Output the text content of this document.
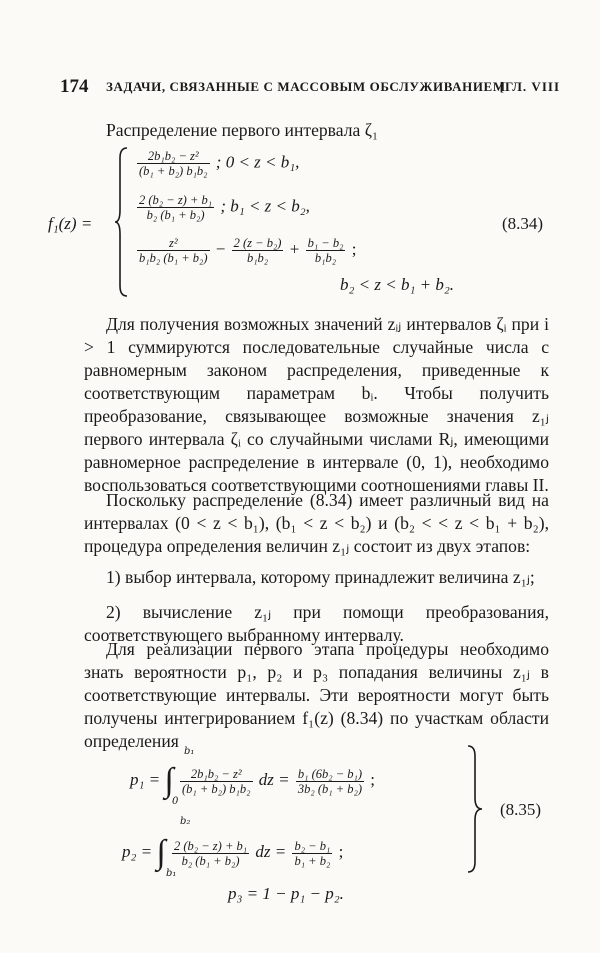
174 ЗАДАЧИ, СВЯЗАННЫЕ С МАССОВЫМ ОБСЛУЖИВАНИЕМ
[ГЛ. VIII

Распределение первого интервала ζ₁

f₁(z) =
$\frac{\text{2b₁b₂ − z²}}{\text{(b₁ + b₂) b₁b₂}}$ ; 0 < z < b₁,
$\frac{\text{2 (b₂ − z) + b₁}}{\text{b₂ (b₁ + b₂)}}$ ; b₁ < z < b₂,
$\frac{\text{z²}}{\text{b₁b₂ (b₁ + b₂)}} - \frac{\text{2 (z − b₂)}}{\text{b₁b₂}} + \frac{\text{b₁ − b₂}}{\text{b₁b₂}}$ ;
b₂ < z < b₁ + b₂.
(8.34)

Для получения возможных значений zᵢⱼ интервалов ζᵢ при i > 1 суммируются последовательные случайные числа с равномерным законом распределения, приведенные к соответствующим параметрам bᵢ. Чтобы получить преобразование, связывающее возможные значения z₁ⱼ первого интервала ζᵢ со случайными числами Rⱼ, имеющими равномерное распределение в интервале (0, 1), необходимо воспользоваться соответствующими соотношениями главы II.

Поскольку распределение (8.34) имеет различный вид на интервалах (0 < z < b₁), (b₁ < z < b₂) и (b₂ < < z < b₁ + b₂), процедура определения величин z₁ⱼ состоит из двух этапов:

1) выбор интервала, которому принадлежит величина z₁ⱼ;

2) вычисление z₁ⱼ при помощи преобразования, соответствующего выбранному интервалу.

Для реализации первого этапа процедуры необходимо знать вероятности p₁, p₂ и p₃ попадания величины z₁ⱼ в соответствующие интервалы. Эти вероятности могут быть получены интегрированием f₁(z) (8.34) по участкам области определения

p₁ = ∫ $\frac{\text{2b₁b₂ − z²}}{\text{(b₁ + b₂) b₁b₂}}$ dz = $\frac{\text{b₁ (6b₂ − b₁)}}{\text{3b₂ (b₁ + b₂)}}$ ;
b₁
0
p₂ = ∫ $\frac{\text{2 (b₂ − z) + b₁}}{\text{b₂ (b₁ + b₂)}}$ dz = $\frac{\text{b₂ − b₁}}{\text{b₁ + b₂}}$ ;
b₂
b₁
p₃ = 1 − p₁ − p₂.
(8.35)
